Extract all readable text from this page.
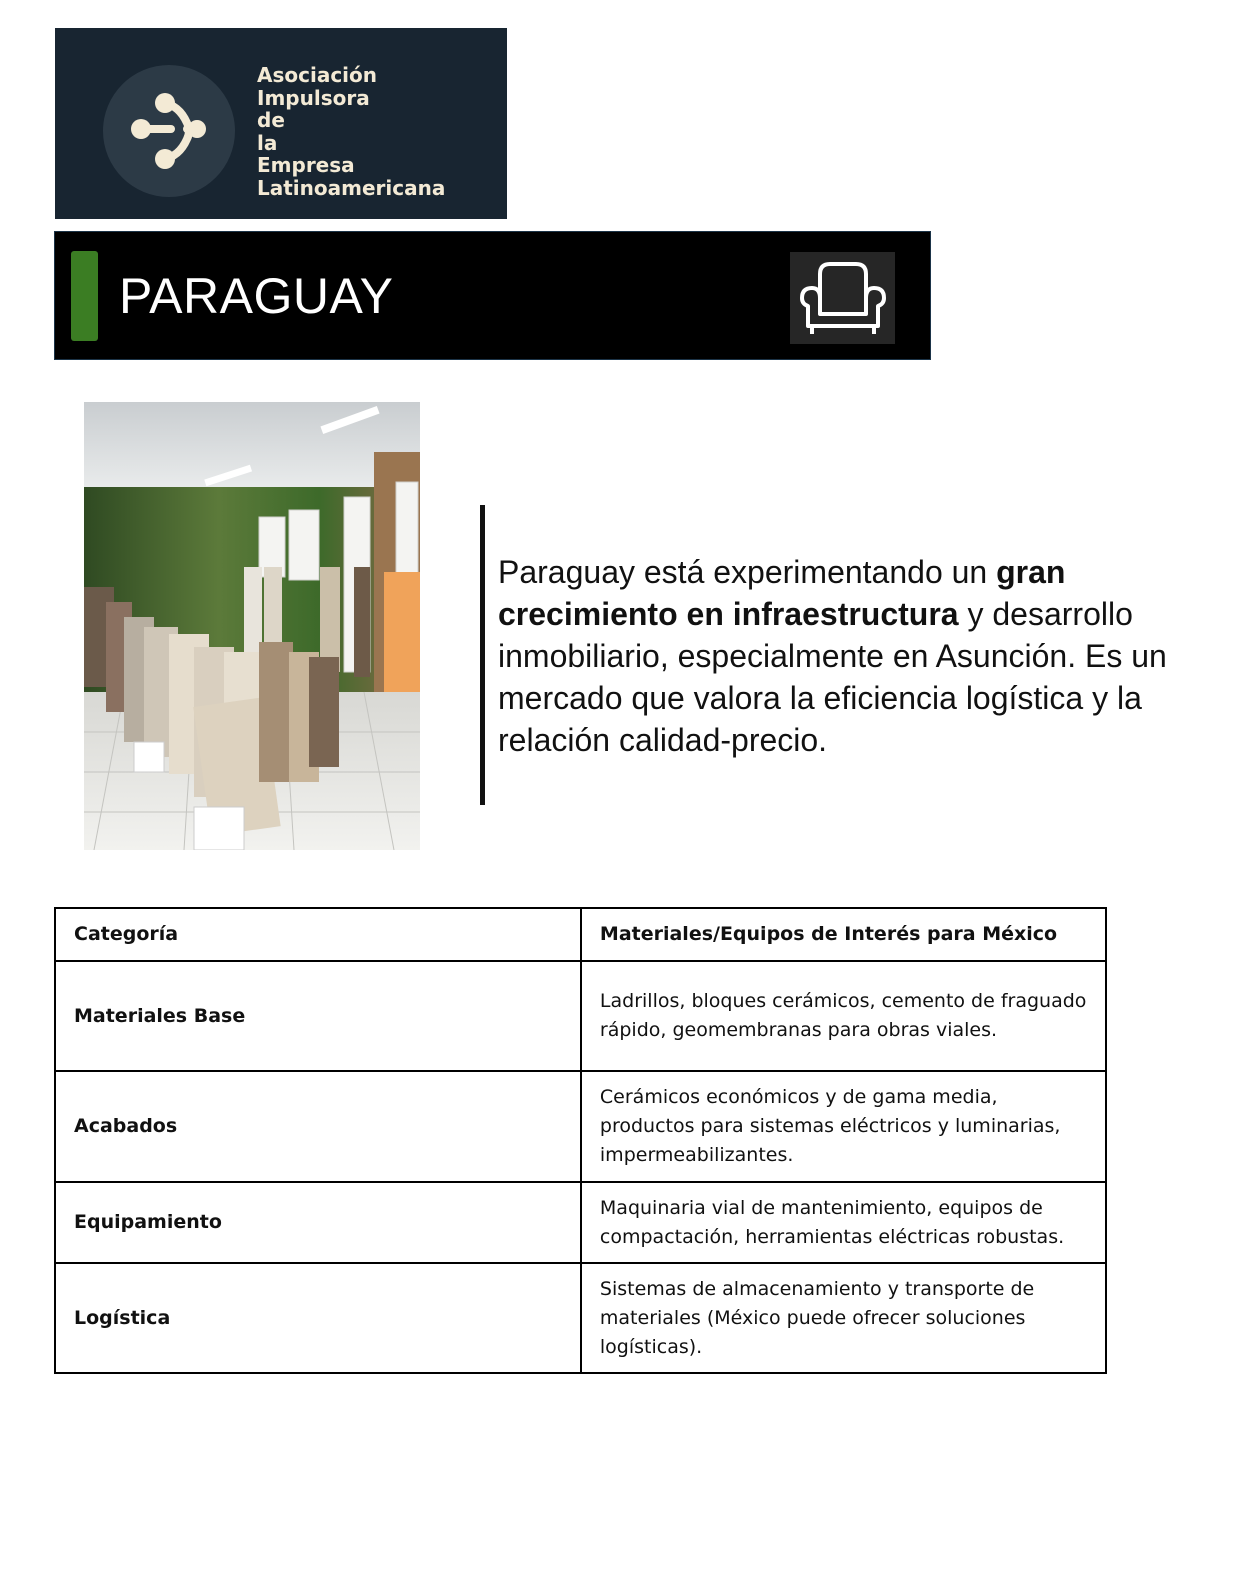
Asociación
Impulsora
de
la
Empresa
Latinoamericana
PARAGUAY
Paraguay está experimentando un gran crecimiento en infraestructura y desarrollo inmobiliario, especialmente en Asunción. Es un mercado que valora la eficiencia logística y la relación calidad-precio.
Categoría	Materiales/Equipos de Interés para México
Materiales Base	Ladrillos, bloques cerámicos, cemento de fraguado rápido, geomembranas para obras viales.
Acabados	Cerámicos económicos y de gama media, productos para sistemas eléctricos y luminarias, impermeabilizantes.
Equipamiento	Maquinaria vial de mantenimiento, equipos de compactación, herramientas eléctricas robustas.
Logística	Sistemas de almacenamiento y transporte de materiales (México puede ofrecer soluciones logísticas).
